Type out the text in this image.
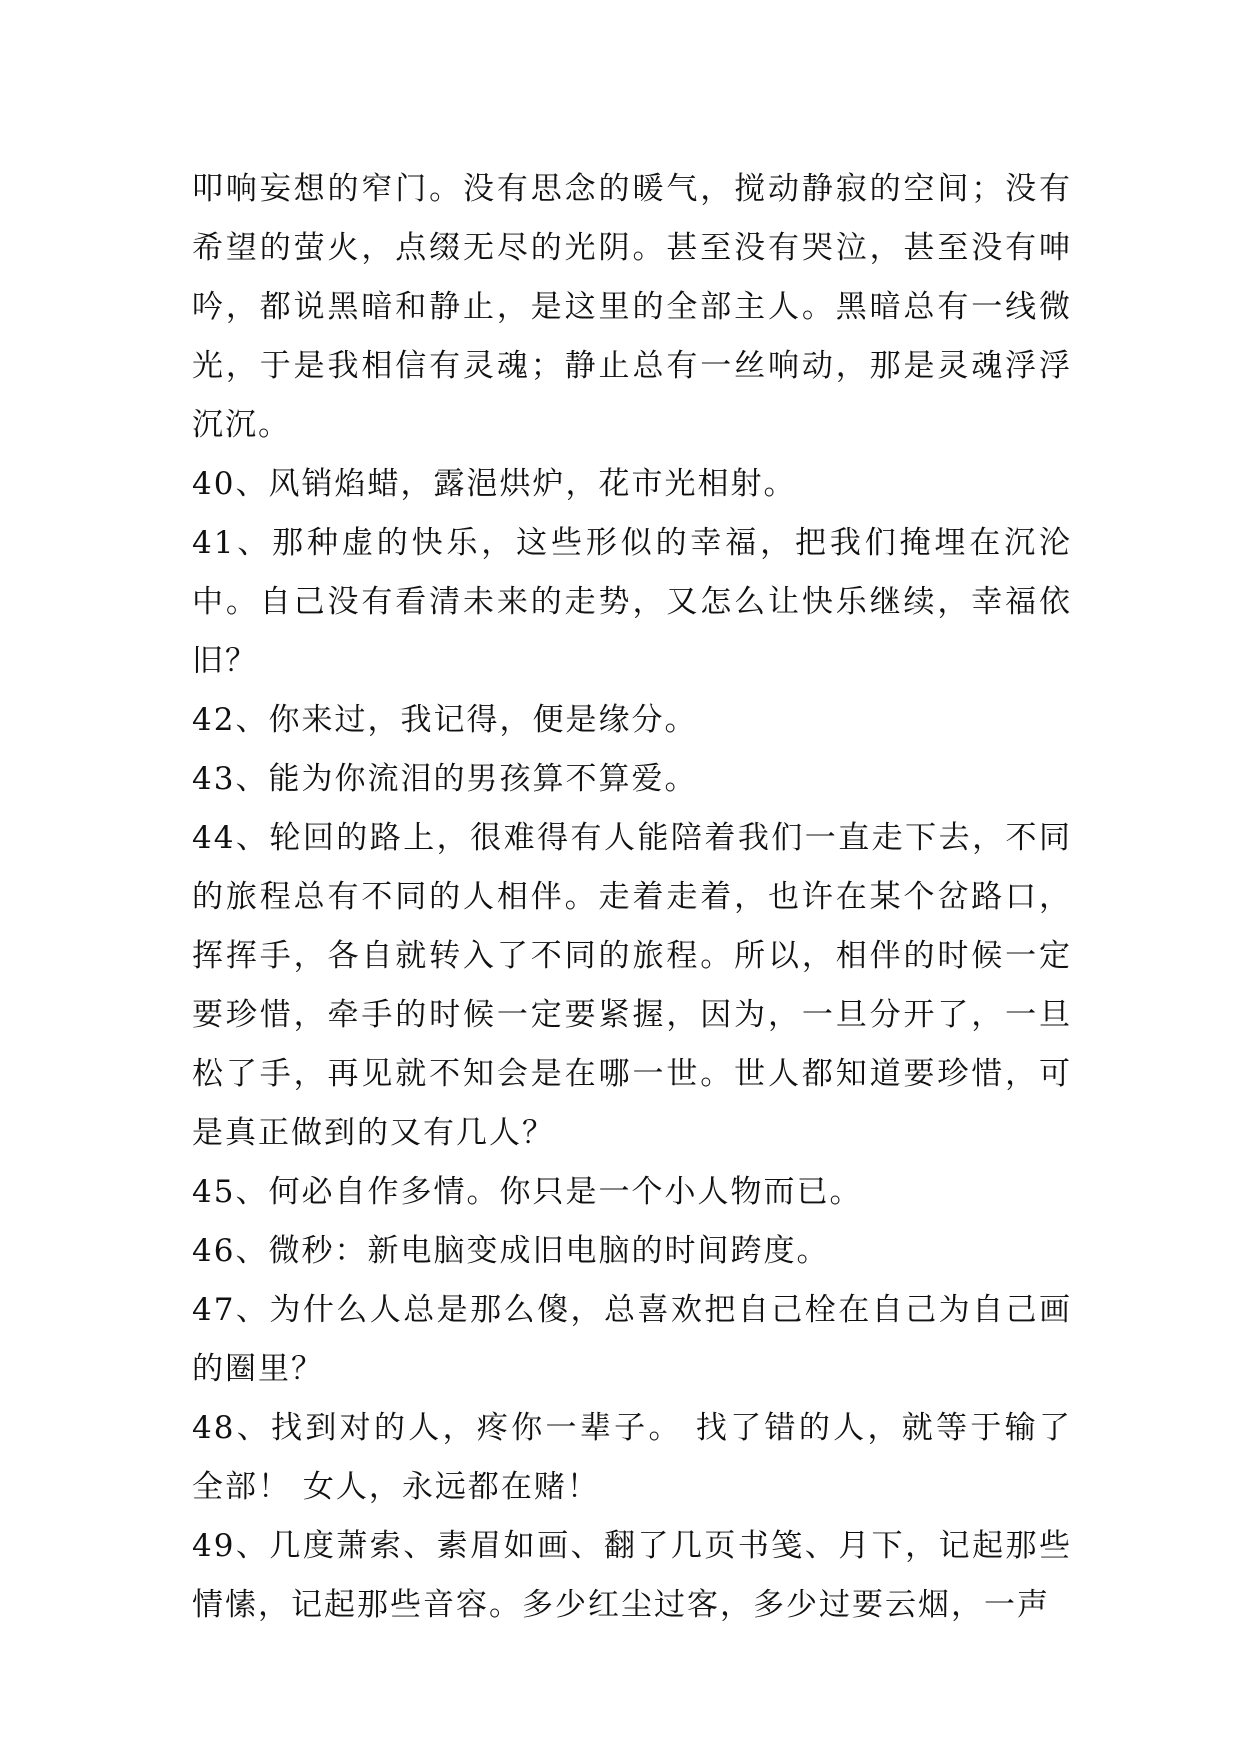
叩响妄想的窄门。没有思念的暖气，搅动静寂的空间；没有希望的萤火，点缀无尽的光阴。甚至没有哭泣，甚至没有呻吟，都说黑暗和静止，是这里的全部主人。黑暗总有一线微光，于是我相信有灵魂；静止总有一丝响动，那是灵魂浮浮沉沉。

40、风销焰蜡，露浥烘炉，花市光相射。

41、那种虚的快乐，这些形似的幸福，把我们掩埋在沉沦中。自己没有看清未来的走势，又怎么让快乐继续，幸福依旧？

42、你来过，我记得，便是缘分。

43、能为你流泪的男孩算不算爱。

44、轮回的路上，很难得有人能陪着我们一直走下去，不同的旅程总有不同的人相伴。走着走着，也许在某个岔路口，挥挥手，各自就转入了不同的旅程。所以，相伴的时候一定要珍惜，牵手的时候一定要紧握，因为，一旦分开了，一旦松了手，再见就不知会是在哪一世。世人都知道要珍惜，可是真正做到的又有几人？

45、何必自作多情。你只是一个小人物而已。

46、微秒：新电脑变成旧电脑的时间跨度。

47、为什么人总是那么傻，总喜欢把自己栓在自己为自己画的圈里？

48、找到对的人，疼你一辈子。 找了错的人，就等于输了全部！ 女人，永远都在赌！

49、几度萧索、素眉如画、翻了几页书笺、月下，记起那些情愫，记起那些音容。多少红尘过客，多少过要云烟，一声
